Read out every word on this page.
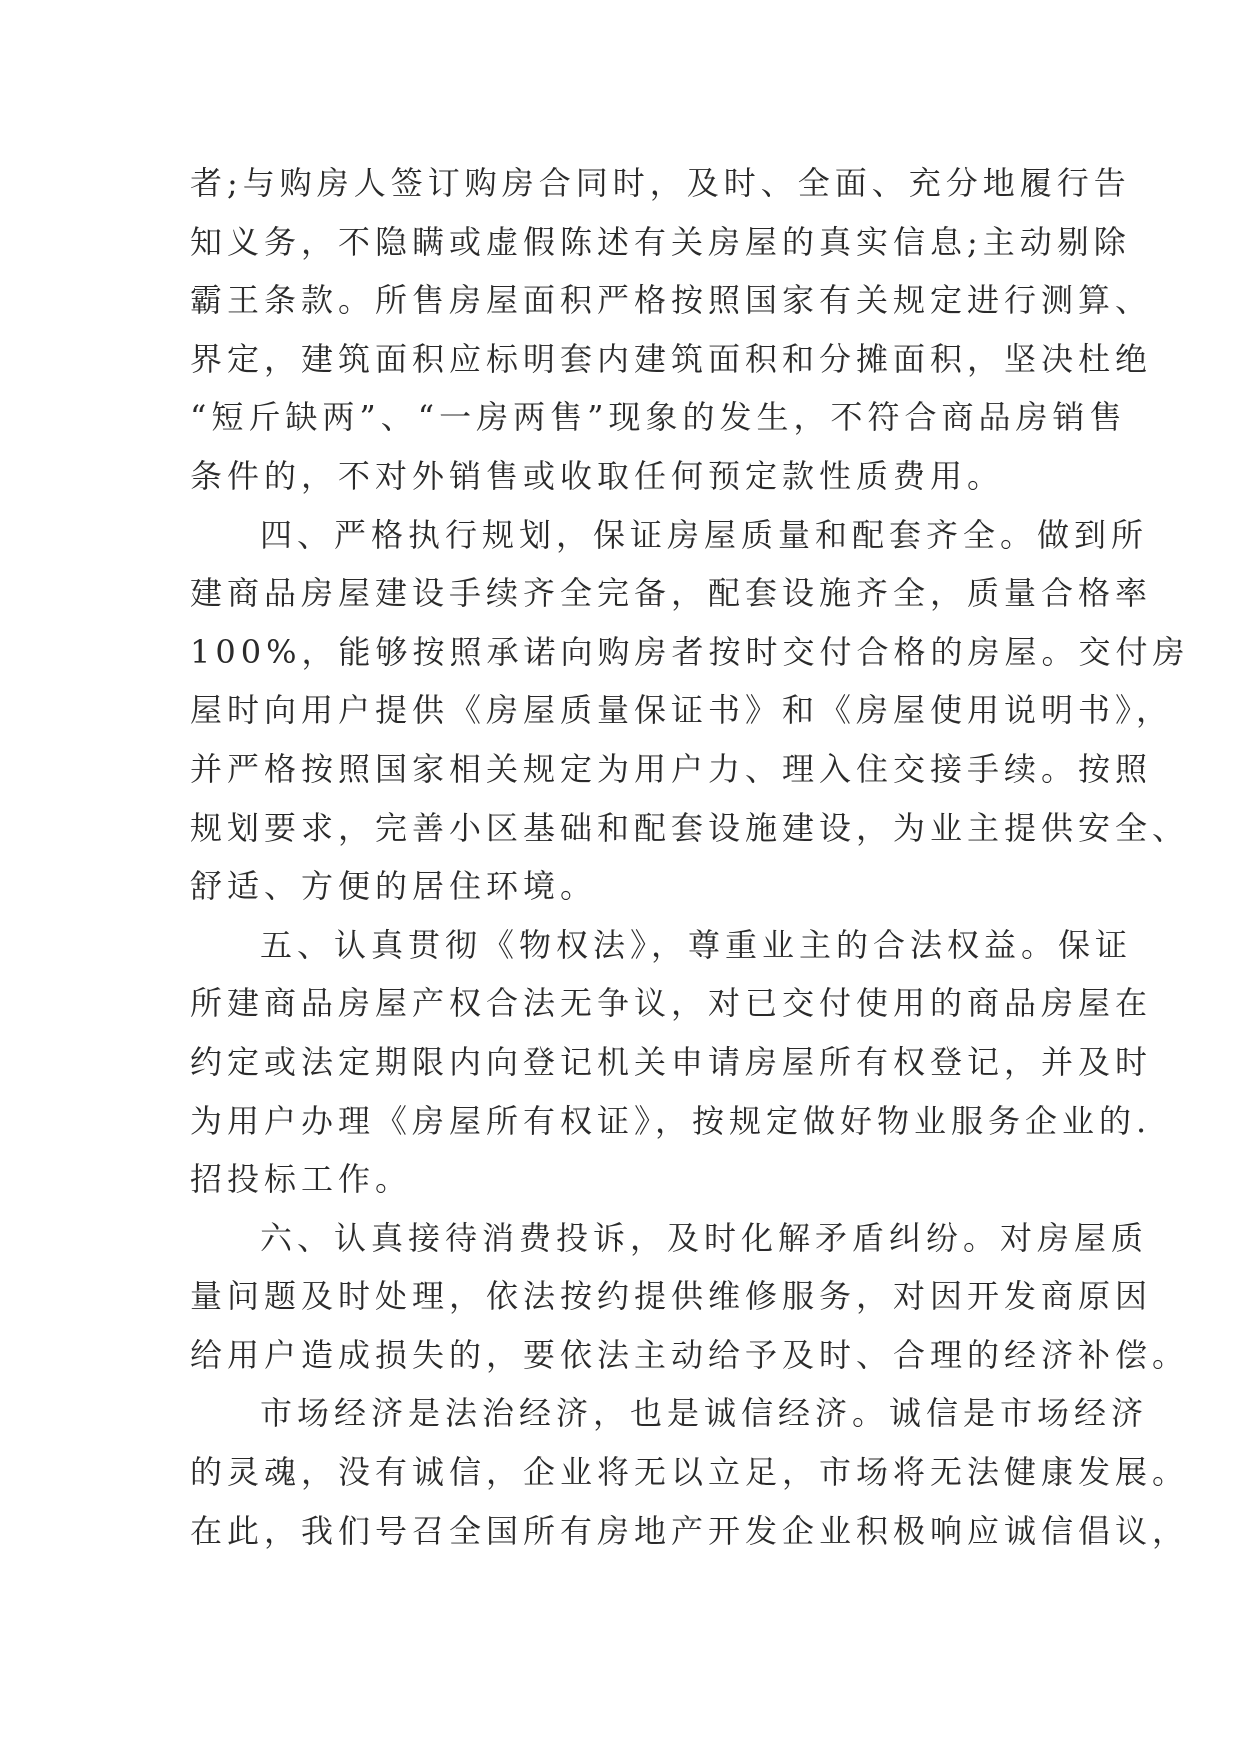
者;与购房人签订购房合同时，及时、全面、充分地履行告
知义务，不隐瞒或虚假陈述有关房屋的真实信息;主动剔除
霸王条款。所售房屋面积严格按照国家有关规定进行测算、
界定，建筑面积应标明套内建筑面积和分摊面积，坚决杜绝
“短斤缺两”、“一房两售”现象的发生，不符合商品房销售
条件的，不对外销售或收取任何预定款性质费用。
四、严格执行规划，保证房屋质量和配套齐全。做到所
建商品房屋建设手续齐全完备，配套设施齐全，质量合格率
100%，能够按照承诺向购房者按时交付合格的房屋。交付房
屋时向用户提供《房屋质量保证书》和《房屋使用说明书》，
并严格按照国家相关规定为用户力、理入住交接手续。按照
规划要求，完善小区基础和配套设施建设，为业主提供安全、
舒适、方便的居住环境。
五、认真贯彻《物权法》，尊重业主的合法权益。保证
所建商品房屋产权合法无争议，对已交付使用的商品房屋在
约定或法定期限内向登记机关申请房屋所有权登记，并及时
为用户办理《房屋所有权证》，按规定做好物业服务企业的.
招投标工作。
六、认真接待消费投诉，及时化解矛盾纠纷。对房屋质
量问题及时处理，依法按约提供维修服务，对因开发商原因
给用户造成损失的，要依法主动给予及时、合理的经济补偿。
市场经济是法治经济，也是诚信经济。诚信是市场经济
的灵魂，没有诚信，企业将无以立足，市场将无法健康发展。
在此，我们号召全国所有房地产开发企业积极响应诚信倡议，
